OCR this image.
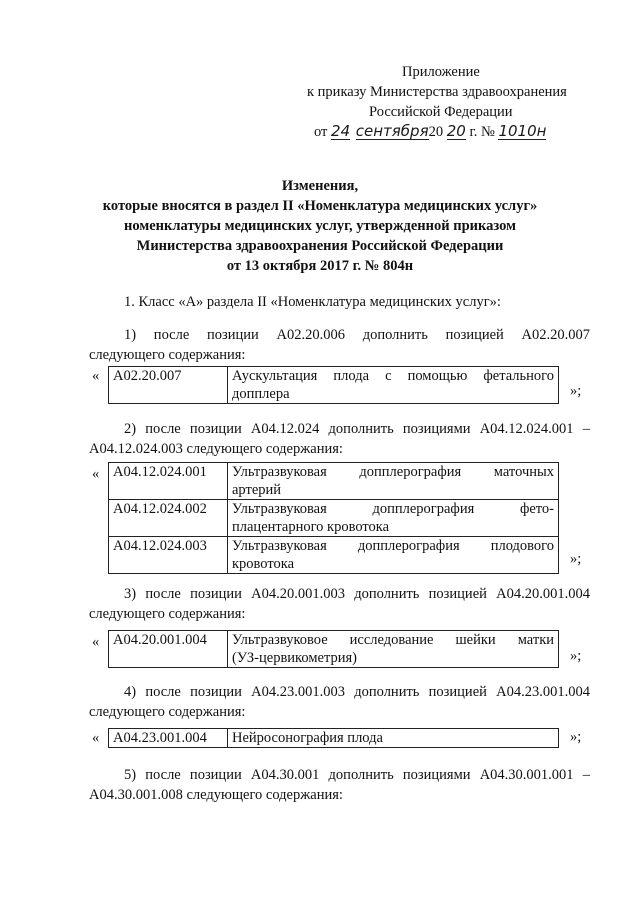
Приложение
к приказу Министерства здравоохранения
Российской Федерации
от 24 сентября20 20 г. № 1010н
Изменения,
которые вносятся в раздел II «Номенклатура медицинских услуг»
номенклатуры медицинских услуг, утвержденной приказом
Министерства здравоохранения Российской Федерации
от 13 октября 2017 г. № 804н
1. Класс «А» раздела II «Номенклатура медицинских услуг»:
1) после позиции А02.20.006 дополнить позицией А02.20.007
следующего содержания:
« А02.20.007	Аускультация плода с помощью фетального
допплера	»;
2) после позиции А04.12.024 дополнить позициями А04.12.024.001 –
А04.12.024.003 следующего содержания:
« А04.12.024.001	Ультразвуковая допплерография маточных
артерий

А04.12.024.002	Ультразвуковая допплерография фето-
плацентарного кровотока

А04.12.024.003	Ультразвуковая допплерография плодового
кровотока	»;
3) после позиции А04.20.001.003 дополнить позицией А04.20.001.004
следующего содержания:
« А04.20.001.004	Ультразвуковое исследование шейки матки
(УЗ-цервикометрия)	»;
4) после позиции А04.23.001.003 дополнить позицией А04.23.001.004
следующего содержания:
« А04.23.001.004	Нейросонография плода	»;
5) после позиции А04.30.001 дополнить позициями А04.30.001.001 –
А04.30.001.008 следующего содержания:
